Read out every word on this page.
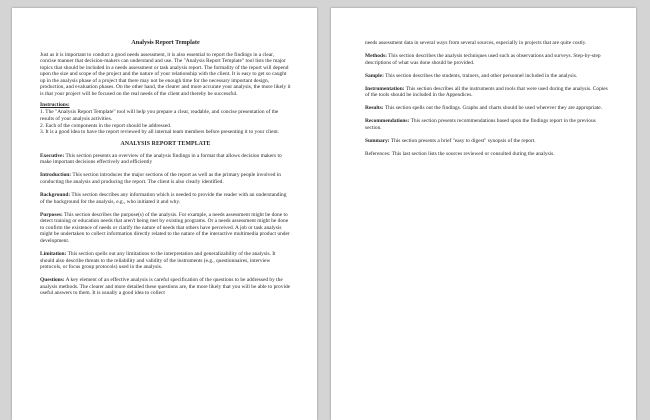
Analysis Report Template
Just as it is important to conduct a good needs assessment, it is also essential to report the findings in a clear, concise manner that decision-makers can understand and use. The "Analysis Report Template" tool lists the major topics that should be included in a needs assessment or task analysis report. The formality of the report will depend upon the size and scope of the project and the nature of your relationship with the client. It is easy to get so caught up in the analysis phase of a project that there may not be enough time for the necessary important design, production, and evaluation phases. On the other hand, the clearer and more accurate your analysis, the more likely it is that your project will be focused on the real needs of the client and thereby be successful.
Instructions:
1. The "Analysis Report Template" tool will help you prepare a clear, readable, and concise presentation of the results of your analysis activities.
2. Each of the components in the report should be addressed.
3. It is a good idea to have the report reviewed by all internal team members before presenting it to your client.
ANALYSIS REPORT TEMPLATE
Executive: This section presents an overview of the analysis findings in a format that allows decision makers to make important decisions effectively and efficiently
Introduction: This section introduces the major sections of the report as well as the primary people involved in conducting the analysis and producing the report. The client is also clearly identified.
Background: This section describes any information which is needed to provide the reader with an understanding of the background for the analysis, e.g., who initiated it and why.
Purposes: This section describes the purpose(s) of the analysis. For example, a needs assessment might be done to detect training or education needs that aren't being met by existing programs. Or a needs assessment might be done to confirm the existence of needs or clarify the nature of needs that others have perceived. A job or task analysis might be undertaken to collect information directly related to the nature of the interactive multimedia product under development.
Limitation: This section spells out any limitations to the interpretation and generalizability of the analysis. It should also describe threats to the reliability and validity of the instruments (e.g., questionnaires, interview protocols, or focus group protocols) used in the analysis.
Questions: A key element of an effective analysis is careful specification of the questions to be addressed by the analysis methods. The clearer and more detailed these questions are, the more likely that you will be able to provide useful answers to them. It is usually a good idea to collect
needs assessment data in several ways from several sources, especially in projects that are quite costly.
Methods: This section describes the analysis techniques used such as observations and surveys. Step-by-step descriptions of what was done should be provided.
Sample: This section describes the students, trainers, and other personnel included in the analysis.
Instrumentation: This section describes all the instruments and tools that were used during the analysis. Copies of the tools should be included in the Appendices.
Results: This section spells out the findings. Graphs and charts should be used wherever they are appropriate.
Recommendations: This section presents recommendations based upon the findings report in the previous section.
Summary: This section presents a brief "easy to digest" synopsis of the report.
References: This last section lists the sources reviewed or consulted during the analysis.
